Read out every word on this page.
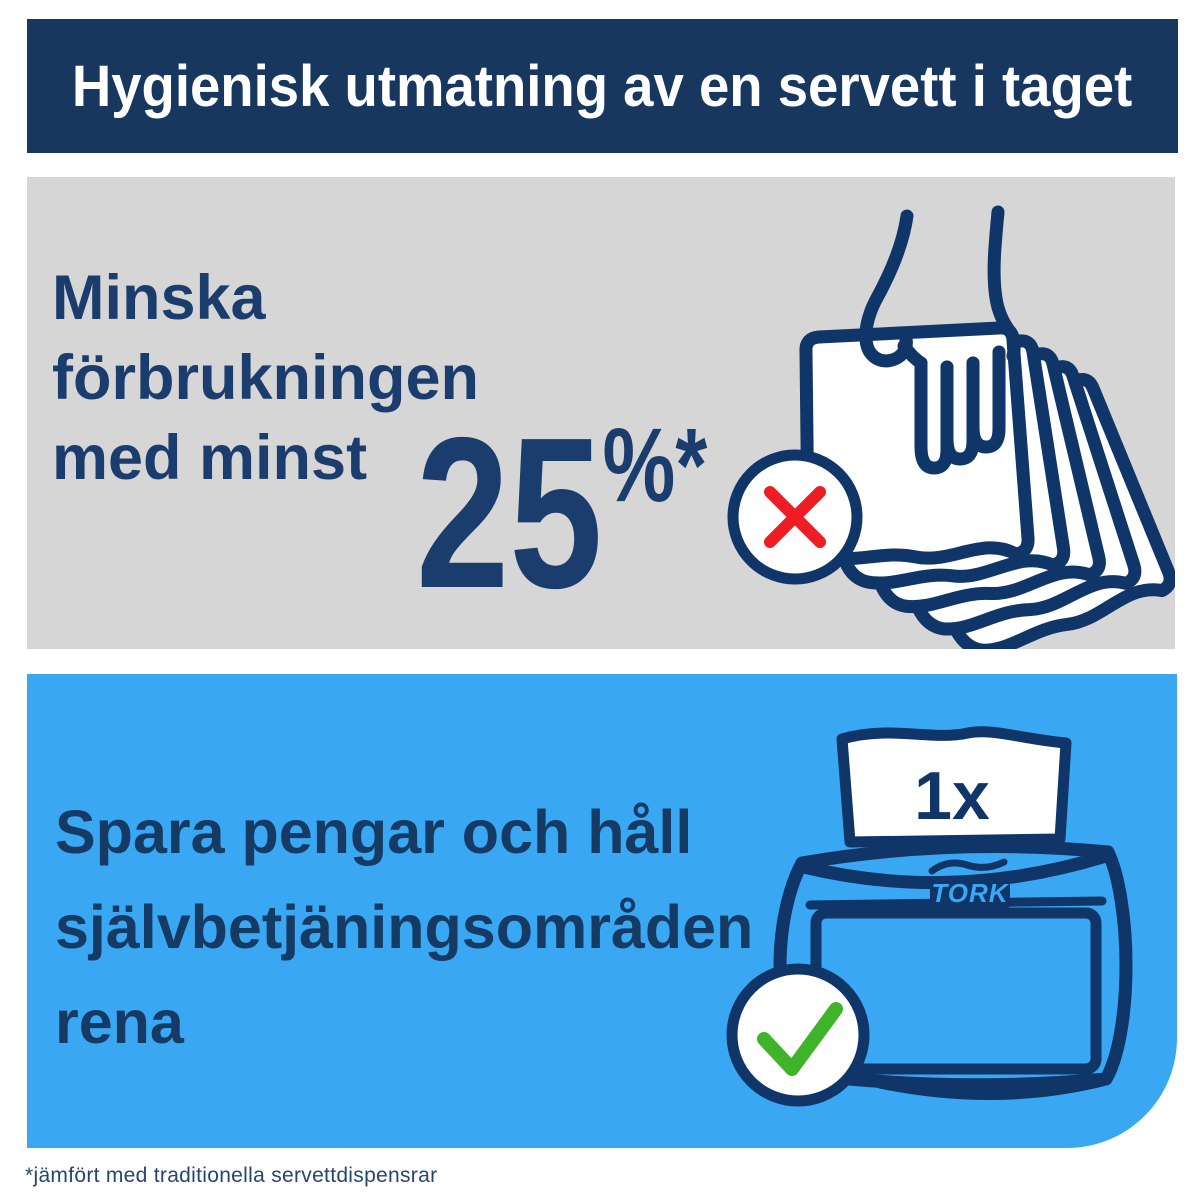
Hygienisk utmatning av en servett i taget
Minska
förbrukningen
med minst 25 %*
Spara pengar och håll
självbetjäningsområden
rena
1x
TORK
*jämfört med traditionella servettdispensrar
